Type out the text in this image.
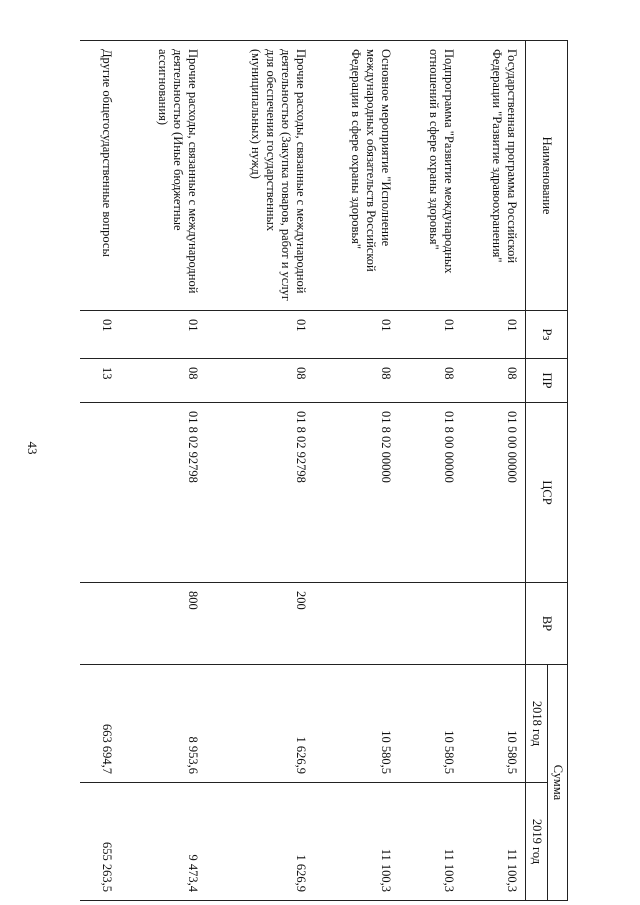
43
Наименование	Рз	ПР	ЦСР	ВР	Сумма	
					2018 год	2019 год
Государственная программа Российской Федерации "Развитие здравоохранения"	01	08	01 0 00 00000		10 580,5	11 100,3
Подпрограмма "Развитие международных отношений в сфере охраны здоровья"	01	08	01 8 00 00000		10 580,5	11 100,3
Основное мероприятие "Исполнение международных обязательств Российской Федерации в сфере охраны здоровья"	01	08	01 8 02 00000		10 580,5	11 100,3
Прочие расходы, связанные с международной деятельностью (Закупка товаров, работ и услуг для обеспечения государственных (муниципальных) нужд)	01	08	01 8 02 92798	200	1 626,9	1 626,9
Прочие расходы, связанные с международной деятельностью (Иные бюджетные ассигнования)	01	08	01 8 02 92798	800	8 953,6	9 473,4
Другие общегосударственные вопросы	01	13			663 694,7	655 263,5
